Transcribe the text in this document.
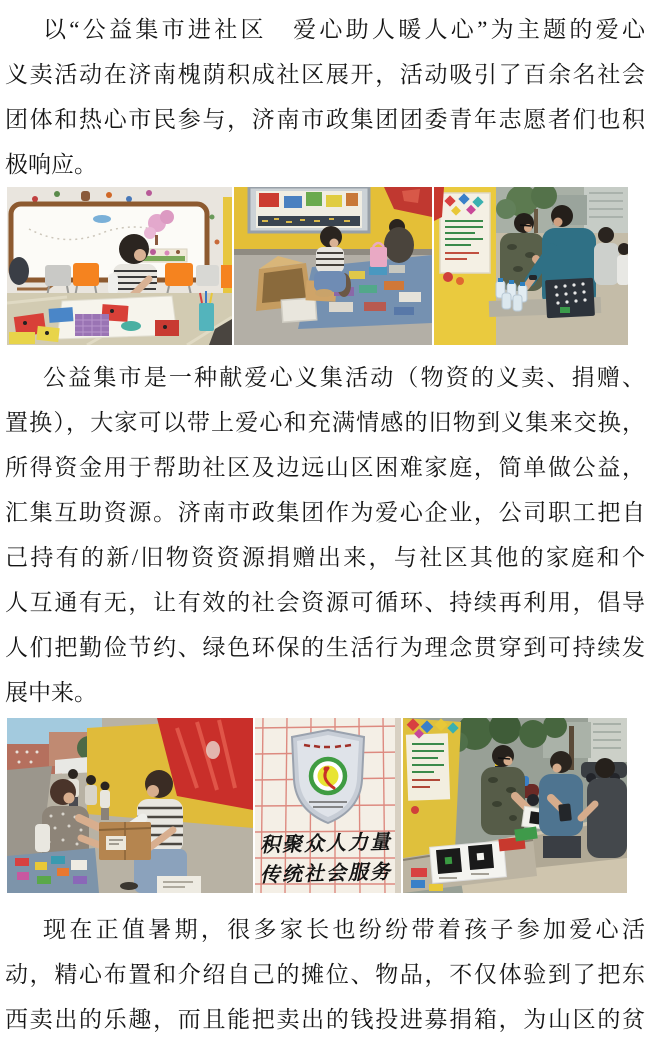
以“公益集市进社区　爱心助人暖人心”为主题的爱心
义卖活动在济南槐荫积成社区展开，活动吸引了百余名社会
团体和热心市民参与，济南市政集团团委青年志愿者们也积
极响应。

公益集市是一种献爱心义集活动（物资的义卖、捐赠、
置换），大家可以带上爱心和充满情感的旧物到义集来交换，
所得资金用于帮助社区及边远山区困难家庭，简单做公益，
汇集互助资源。济南市政集团作为爱心企业，公司职工把自
己持有的新/旧物资资源捐赠出来，与社区其他的家庭和个
人互通有无，让有效的社会资源可循环、持续再利用，倡导
人们把勤俭节约、绿色环保的生活行为理念贯穿到可持续发
展中来。

积聚众人力量
传统社会服务

现在正值暑期，很多家长也纷纷带着孩子参加爱心活
动，精心布置和介绍自己的摊位、物品，不仅体验到了把东
西卖出的乐趣，而且能把卖出的钱投进募捐箱，为山区的贫
